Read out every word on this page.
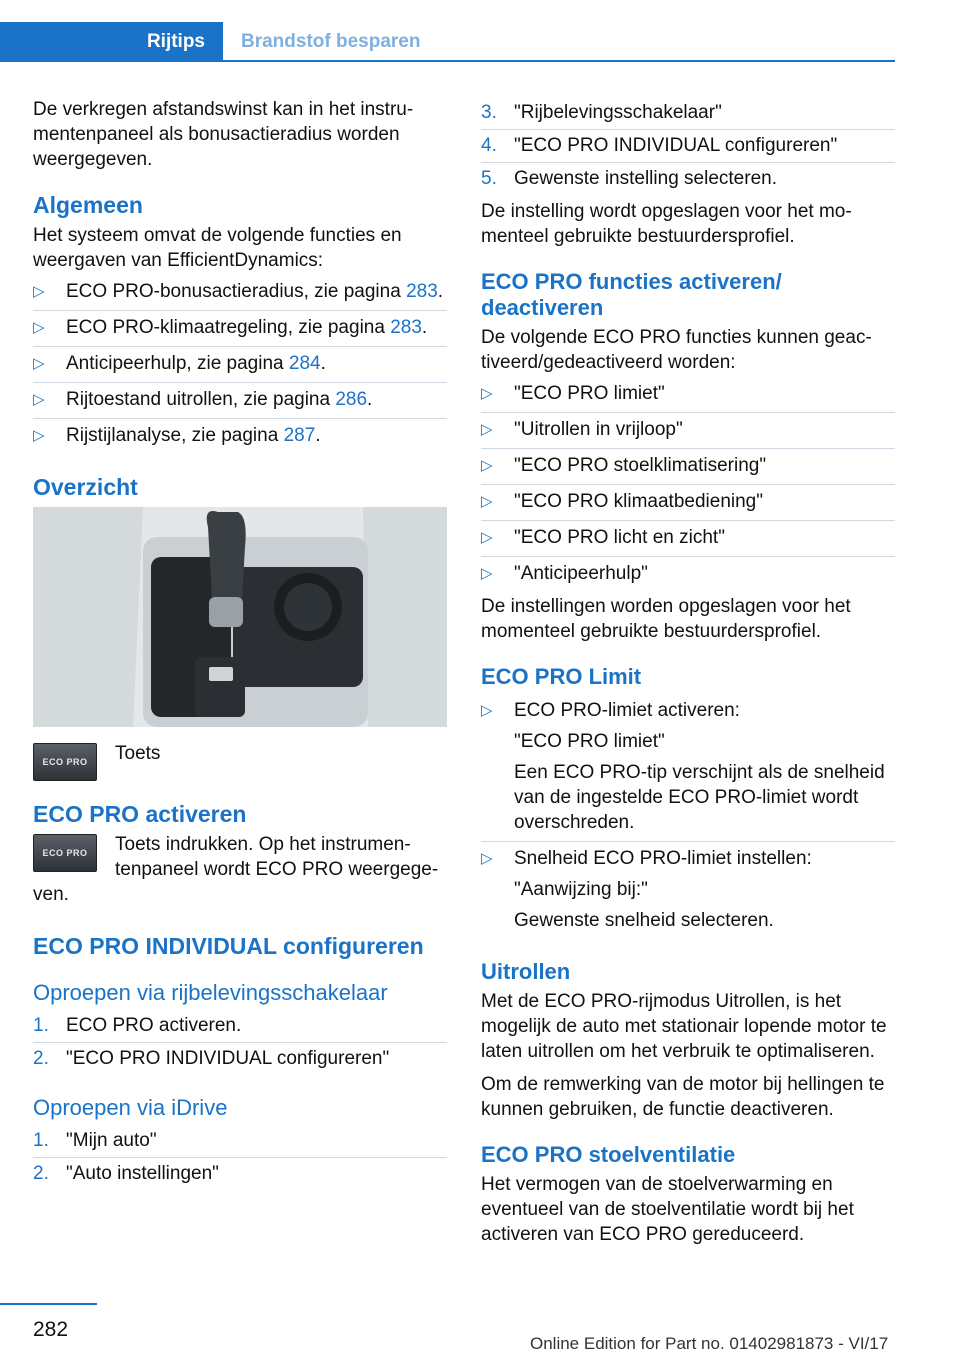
Rijtips	Brandstof besparen

De verkregen afstandswinst kan in het instrumentenpaneel als bonusactieradius worden weergegeven.

Algemeen

Het systeem omvat de volgende functies en weergaven van EfficientDynamics:

▷ ECO PRO-bonusactieradius, zie pagina 283.
▷ ECO PRO-klimaatregeling, zie pagina 283.
▷ Anticipeerhulp, zie pagina 284.
▷ Rijtoestand uitrollen, zie pagina 286.
▷ Rijstijlanalyse, zie pagina 287.
Overzicht
ECO PRO	Toets
ECO PRO activeren
ECO PRO	Toets indrukken. Op het instrumentenpaneel wordt ECO PRO weergegeven.
ECO PRO INDIVIDUAL configureren
Oproepen via rijbelevingsschakelaar
1. ECO PRO activeren.
2. "ECO PRO INDIVIDUAL configureren"
Oproepen via iDrive
1. "Mijn auto"
2. "Auto instellingen"
3. "Rijbelevingsschakelaar"
4. "ECO PRO INDIVIDUAL configureren"
5. Gewenste instelling selecteren.

De instelling wordt opgeslagen voor het momenteel gebruikte bestuurdersprofiel.

ECO PRO functies activeren/ deactiveren

De volgende ECO PRO functies kunnen geactiveerd/gedeactiveerd worden:

▷ "ECO PRO limiet"
▷ "Uitrollen in vrijloop"
▷ "ECO PRO stoelklimatisering"
▷ "ECO PRO klimaatbediening"
▷ "ECO PRO licht en zicht"
▷ "Anticipeerhulp"

De instellingen worden opgeslagen voor het momenteel gebruikte bestuurdersprofiel.

ECO PRO Limit
▷ ECO PRO-limiet activeren:
"ECO PRO limiet"
Een ECO PRO-tip verschijnt als de snelheid van de ingestelde ECO PRO-limiet wordt overschreden.
▷ Snelheid ECO PRO-limiet instellen:
"Aanwijzing bij:"
Gewenste snelheid selecteren.
Uitrollen

Met de ECO PRO-rijmodus Uitrollen, is het mogelijk de auto met stationair lopende motor te laten uitrollen om het verbruik te optimaliseren.

Om de remwerking van de motor bij hellingen te kunnen gebruiken, de functie deactiveren.

ECO PRO stoelventilatie

Het vermogen van de stoelverwarming en eventueel van de stoelventilatie wordt bij het activeren van ECO PRO gereduceerd.

282
Online Edition for Part no. 01402981873 - VI/17
